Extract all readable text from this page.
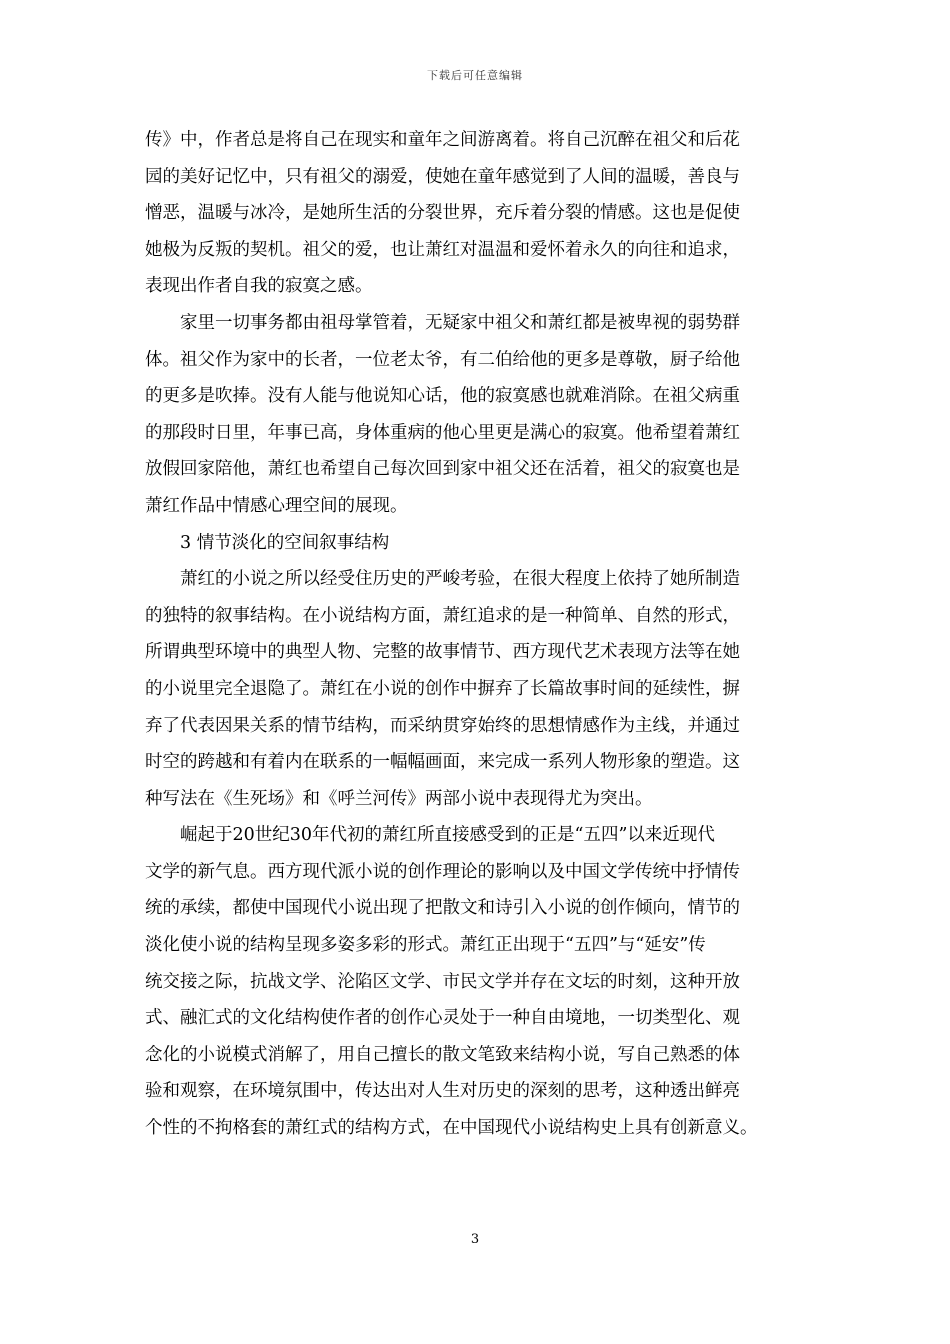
下载后可任意编辑
传》中，作者总是将自己在现实和童年之间游离着。将自己沉醉在祖父和后花
园的美好记忆中，只有祖父的溺爱，使她在童年感觉到了人间的温暖，善良与
憎恶，温暖与冰冷，是她所生活的分裂世界，充斥着分裂的情感。这也是促使
她极为反叛的契机。祖父的爱，也让萧红对温温和爱怀着永久的向往和追求，
表现出作者自我的寂寞之感。
家里一切事务都由祖母掌管着，无疑家中祖父和萧红都是被卑视的弱势群
体。祖父作为家中的长者，一位老太爷，有二伯给他的更多是尊敬，厨子给他
的更多是吹捧。没有人能与他说知心话，他的寂寞感也就难消除。在祖父病重
的那段时日里，年事已高，身体重病的他心里更是满心的寂寞。他希望着萧红
放假回家陪他，萧红也希望自己每次回到家中祖父还在活着，祖父的寂寞也是
萧红作品中情感心理空间的展现。
3 情节淡化的空间叙事结构
萧红的小说之所以经受住历史的严峻考验，在很大程度上依持了她所制造
的独特的叙事结构。在小说结构方面，萧红追求的是一种简单、自然的形式，
所谓典型环境中的典型人物、完整的故事情节、西方现代艺术表现方法等在她
的小说里完全退隐了。萧红在小说的创作中摒弃了长篇故事时间的延续性，摒
弃了代表因果关系的情节结构，而采纳贯穿始终的思想情感作为主线，并通过
时空的跨越和有着内在联系的一幅幅画面，来完成一系列人物形象的塑造。这
种写法在《生死场》和《呼兰河传》两部小说中表现得尤为突出。
崛起于20世纪30年代初的萧红所直接感受到的正是“五四”以来近现代
文学的新气息。西方现代派小说的创作理论的影响以及中国文学传统中抒情传
统的承续，都使中国现代小说出现了把散文和诗引入小说的创作倾向，情节的
淡化使小说的结构呈现多姿多彩的形式。萧红正出现于“五四”与“延安”传
统交接之际，抗战文学、沦陷区文学、市民文学并存在文坛的时刻，这种开放
式、融汇式的文化结构使作者的创作心灵处于一种自由境地，一切类型化、观
念化的小说模式消解了，用自己擅长的散文笔致来结构小说，写自己熟悉的体
验和观察，在环境氛围中，传达出对人生对历史的深刻的思考，这种透出鲜亮
个性的不拘格套的萧红式的结构方式，在中国现代小说结构史上具有创新意义。
3
